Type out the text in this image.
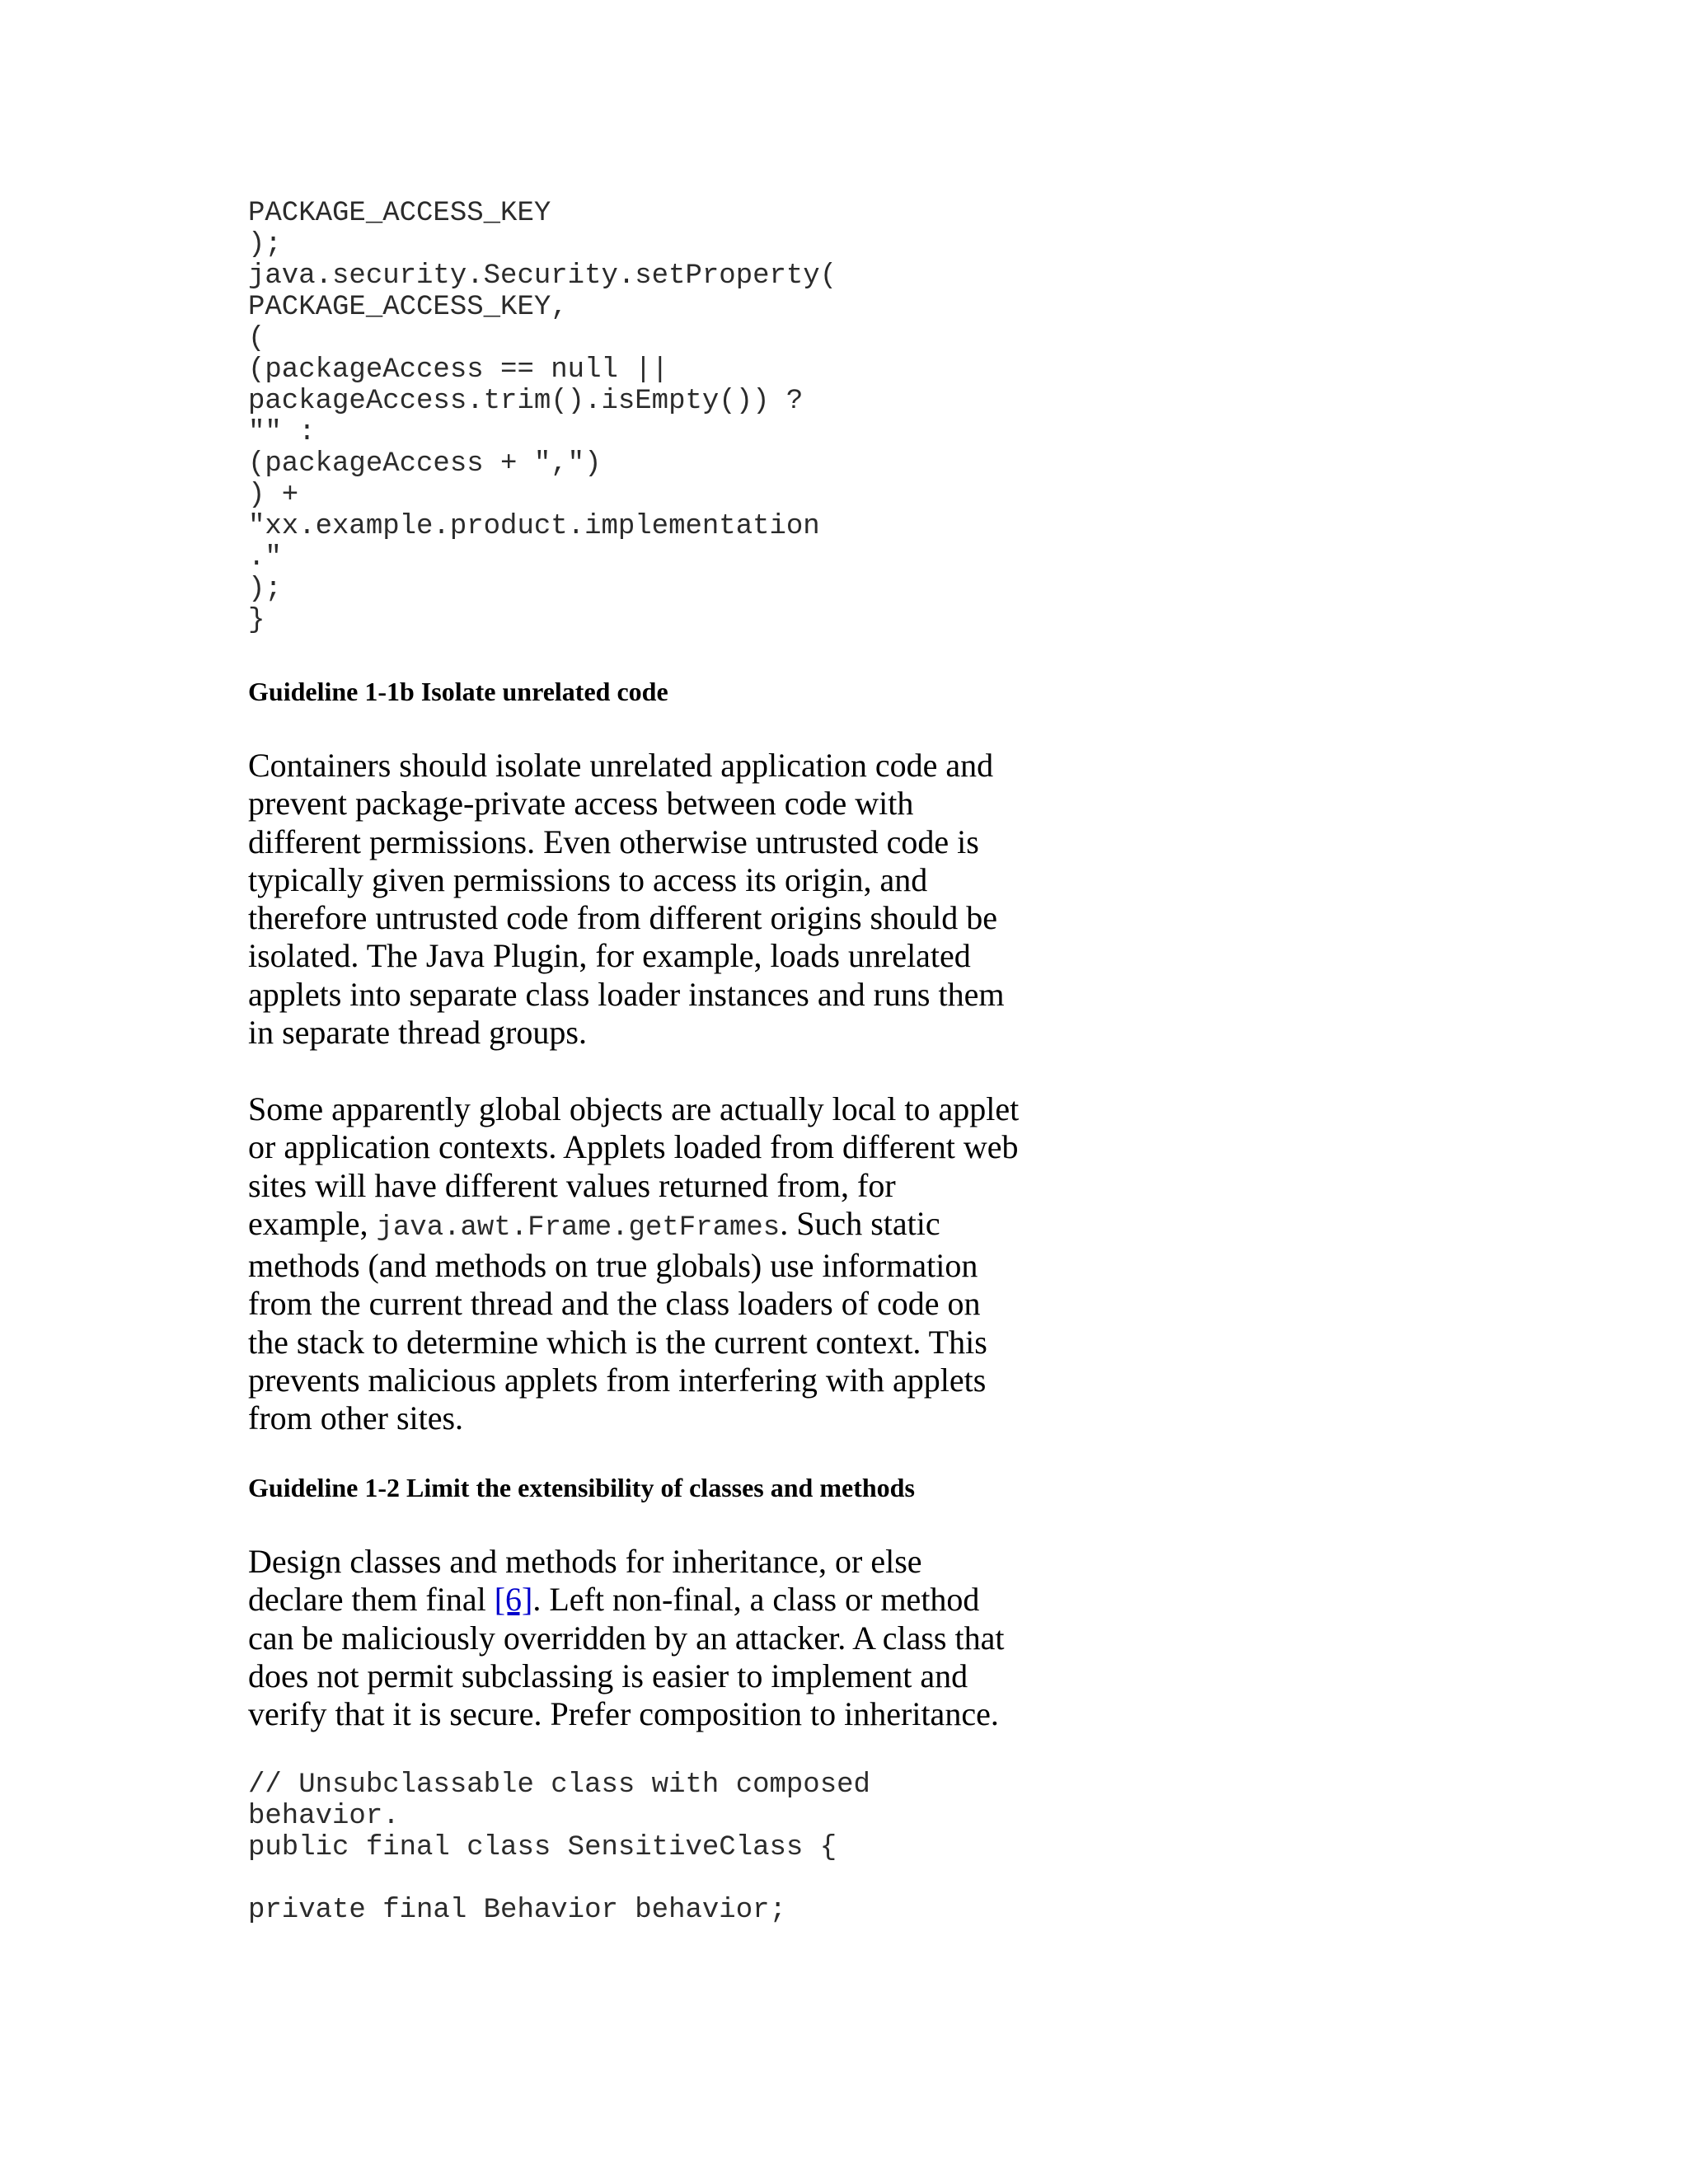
PACKAGE_ACCESS_KEY
);
java.security.Security.setProperty(
PACKAGE_ACCESS_KEY,
(
(packageAccess == null ||
packageAccess.trim().isEmpty()) ?
"" :
(packageAccess + ",")
) +
"xx.example.product.implementation
."
);
}
Guideline 1-1b Isolate unrelated code

Containers should isolate unrelated application code and
prevent package-private access between code with
different permissions. Even otherwise untrusted code is
typically given permissions to access its origin, and
therefore untrusted code from different origins should be
isolated. The Java Plugin, for example, loads unrelated
applets into separate class loader instances and runs them
in separate thread groups.

Some apparently global objects are actually local to applet
or application contexts. Applets loaded from different web
sites will have different values returned from, for
example, java.awt.Frame.getFrames. Such static
methods (and methods on true globals) use information
from the current thread and the class loaders of code on
the stack to determine which is the current context. This
prevents malicious applets from interfering with applets
from other sites.

Guideline 1-2 Limit the extensibility of classes and methods

Design classes and methods for inheritance, or else
declare them final [6]. Left non-final, a class or method
can be maliciously overridden by an attacker. A class that
does not permit subclassing is easier to implement and
verify that it is secure. Prefer composition to inheritance.

// Unsubclassable class with composed
behavior.
public final class SensitiveClass {

private final Behavior behavior;
